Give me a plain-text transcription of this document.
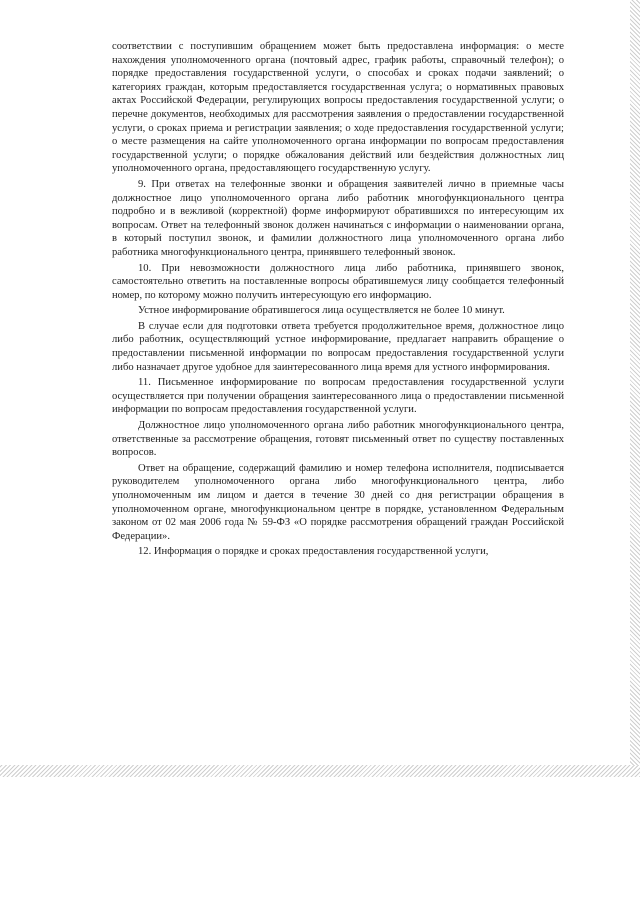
соответствии с поступившим обращением может быть предоставлена информация: о месте нахождения уполномоченного органа (почтовый адрес, график работы, справочный телефон); о порядке предоставления государственной услуги, о способах и сроках подачи заявлений; о категориях граждан, которым предоставляется государственная услуга; о нормативных правовых актах Российской Федерации, регулирующих вопросы предоставления государственной услуги; о перечне документов, необходимых для рассмотрения заявления о предоставлении государственной услуги, о сроках приема и регистрации заявления; о ходе предоставления государственной услуги; о месте размещения на сайте уполномоченного органа информации по вопросам предоставления государственной услуги; о порядке обжалования действий или бездействия должностных лиц уполномоченного органа, предоставляющего государственную услугу.

9. При ответах на телефонные звонки и обращения заявителей лично в приемные часы должностное лицо уполномоченного органа либо работник многофункционального центра подробно и в вежливой (корректной) форме информируют обратившихся по интересующим их вопросам. Ответ на телефонный звонок должен начинаться с информации о наименовании органа, в который поступил звонок, и фамилии должностного лица уполномоченного органа либо работника многофункционального центра, принявшего телефонный звонок.

10. При невозможности должностного лица либо работника, принявшего звонок, самостоятельно ответить на поставленные вопросы обратившемуся лицу сообщается телефонный номер, по которому можно получить интересующую его информацию.

Устное информирование обратившегося лица осуществляется не более 10 минут.

В случае если для подготовки ответа требуется продолжительное время, должностное лицо либо работник, осуществляющий устное информирование, предлагает направить обращение о предоставлении письменной информации по вопросам предоставления государственной услуги либо назначает другое удобное для заинтересованного лица время для устного информирования.

11. Письменное информирование по вопросам предоставления государственной услуги осуществляется при получении обращения заинтересованного лица о предоставлении письменной информации по вопросам предоставления государственной услуги.

Должностное лицо уполномоченного органа либо работник многофункционального центра, ответственные за рассмотрение обращения, готовят письменный ответ по существу поставленных вопросов.

Ответ на обращение, содержащий фамилию и номер телефона исполнителя, подписывается руководителем уполномоченного органа либо многофункционального центра, либо уполномоченным им лицом и дается в течение 30 дней со дня регистрации обращения в уполномоченном органе, многофункциональном центре в порядке, установленном Федеральным законом от 02 мая 2006 года № 59-ФЗ «О порядке рассмотрения обращений граждан Российской Федерации».

12. Информация о порядке и сроках предоставления государственной услуги,
